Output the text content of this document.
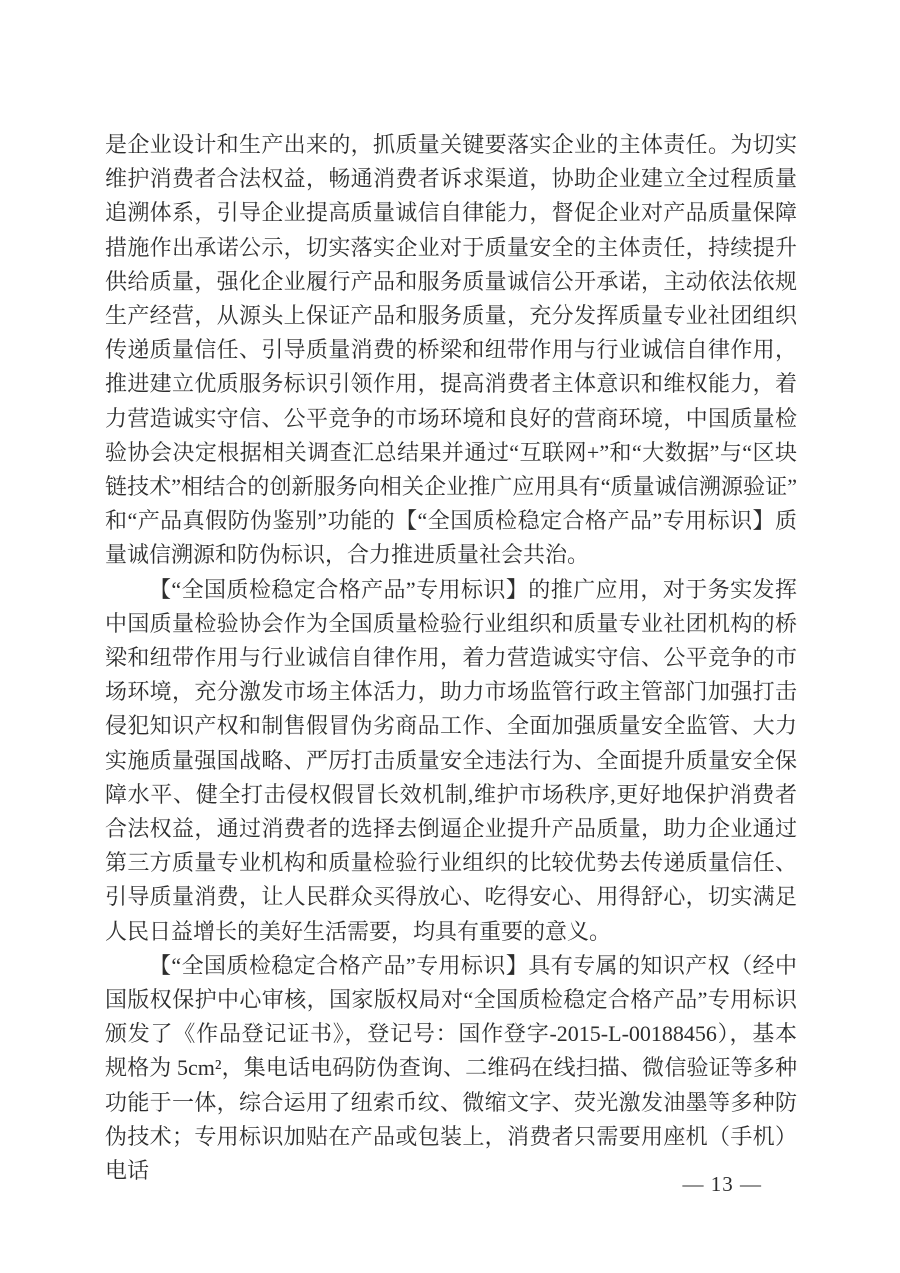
是企业设计和生产出来的，抓质量关键要落实企业的主体责任。为切实维护消费者合法权益，畅通消费者诉求渠道，协助企业建立全过程质量追溯体系，引导企业提高质量诚信自律能力，督促企业对产品质量保障措施作出承诺公示，切实落实企业对于质量安全的主体责任，持续提升供给质量，强化企业履行产品和服务质量诚信公开承诺，主动依法依规生产经营，从源头上保证产品和服务质量，充分发挥质量专业社团组织传递质量信任、引导质量消费的桥梁和纽带作用与行业诚信自律作用，推进建立优质服务标识引领作用，提高消费者主体意识和维权能力，着力营造诚实守信、公平竞争的市场环境和良好的营商环境，中国质量检验协会决定根据相关调查汇总结果并通过“互联网+”和“大数据”与“区块链技术”相结合的创新服务向相关企业推广应用具有“质量诚信溯源验证”和“产品真假防伪鉴别”功能的【“全国质检稳定合格产品”专用标识】质量诚信溯源和防伪标识，合力推进质量社会共治。

【“全国质检稳定合格产品”专用标识】的推广应用，对于务实发挥中国质量检验协会作为全国质量检验行业组织和质量专业社团机构的桥梁和纽带作用与行业诚信自律作用，着力营造诚实守信、公平竞争的市场环境，充分激发市场主体活力，助力市场监管行政主管部门加强打击侵犯知识产权和制售假冒伪劣商品工作、全面加强质量安全监管、大力实施质量强国战略、严厉打击质量安全违法行为、全面提升质量安全保障水平、健全打击侵权假冒长效机制,维护市场秩序,更好地保护消费者合法权益，通过消费者的选择去倒逼企业提升产品质量，助力企业通过第三方质量专业机构和质量检验行业组织的比较优势去传递质量信任、引导质量消费，让人民群众买得放心、吃得安心、用得舒心，切实满足人民日益增长的美好生活需要，均具有重要的意义。

【“全国质检稳定合格产品”专用标识】具有专属的知识产权（经中国版权保护中心审核，国家版权局对“全国质检稳定合格产品”专用标识颁发了《作品登记证书》，登记号：国作登字-2015-L-00188456），基本规格为 5cm²，集电话电码防伪查询、二维码在线扫描、微信验证等多种功能于一体，综合运用了纽索币纹、微缩文字、荧光激发油墨等多种防伪技术；专用标识加贴在产品或包装上，消费者只需要用座机（手机）电话

— 13 —
